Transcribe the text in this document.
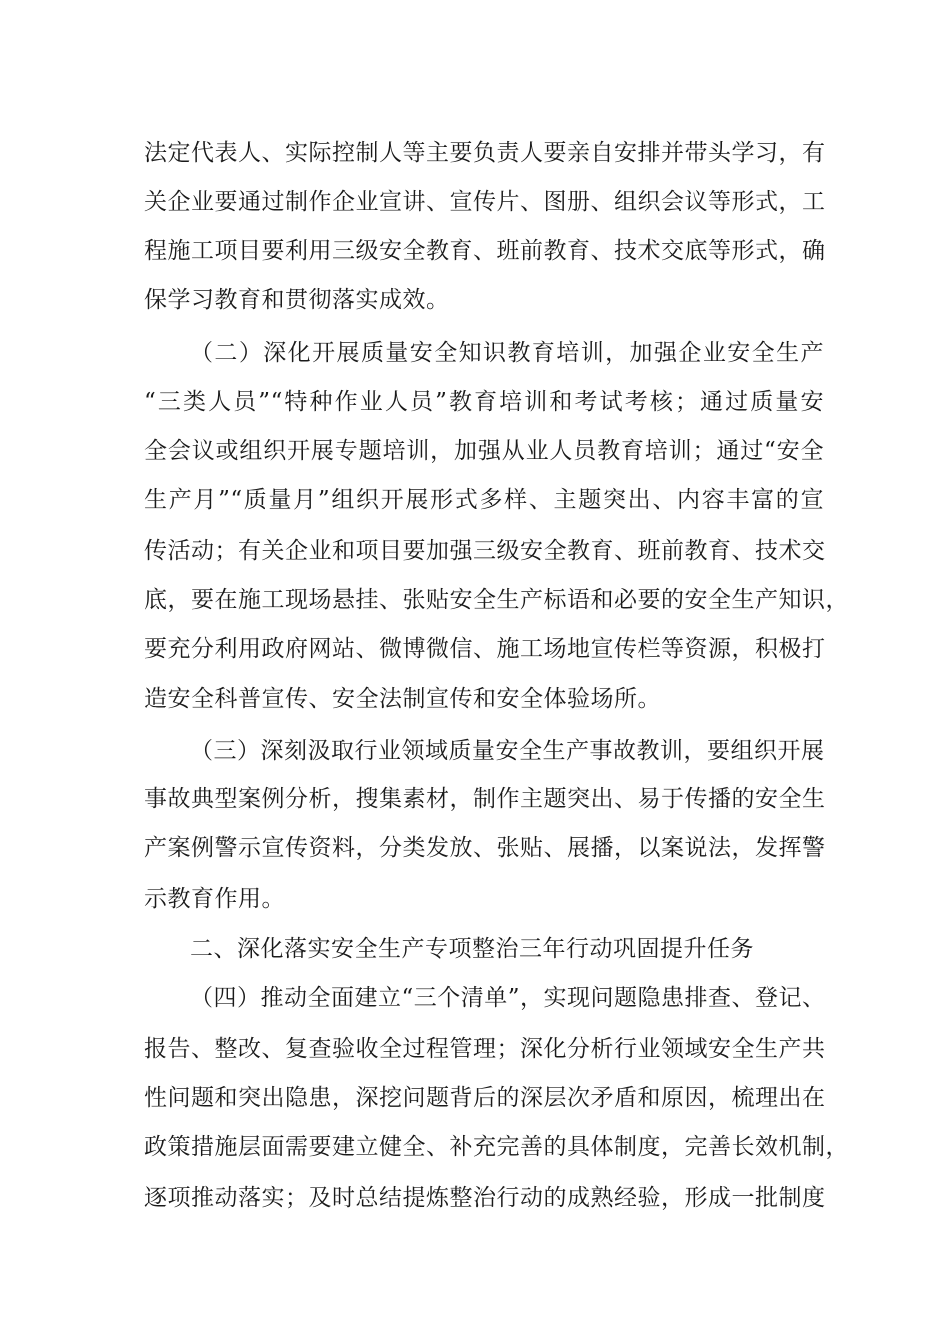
法定代表人、实际控制人等主要负责人要亲自安排并带头学习，有
关企业要通过制作企业宣讲、宣传片、图册、组织会议等形式，工
程施工项目要利用三级安全教育、班前教育、技术交底等形式，确
保学习教育和贯彻落实成效。
（二）深化开展质量安全知识教育培训，加强企业安全生产
“三类人员”“特种作业人员”教育培训和考试考核；通过质量安
全会议或组织开展专题培训，加强从业人员教育培训；通过“安全
生产月”“质量月”组织开展形式多样、主题突出、内容丰富的宣
传活动；有关企业和项目要加强三级安全教育、班前教育、技术交
底，要在施工现场悬挂、张贴安全生产标语和必要的安全生产知识，
要充分利用政府网站、微博微信、施工场地宣传栏等资源，积极打
造安全科普宣传、安全法制宣传和安全体验场所。
（三）深刻汲取行业领域质量安全生产事故教训，要组织开展
事故典型案例分析，搜集素材，制作主题突出、易于传播的安全生
产案例警示宣传资料，分类发放、张贴、展播，以案说法，发挥警
示教育作用。
二、深化落实安全生产专项整治三年行动巩固提升任务
（四）推动全面建立“三个清单”，实现问题隐患排查、登记、
报告、整改、复查验收全过程管理；深化分析行业领域安全生产共
性问题和突出隐患，深挖问题背后的深层次矛盾和原因，梳理出在
政策措施层面需要建立健全、补充完善的具体制度，完善长效机制，
逐项推动落实；及时总结提炼整治行动的成熟经验，形成一批制度
